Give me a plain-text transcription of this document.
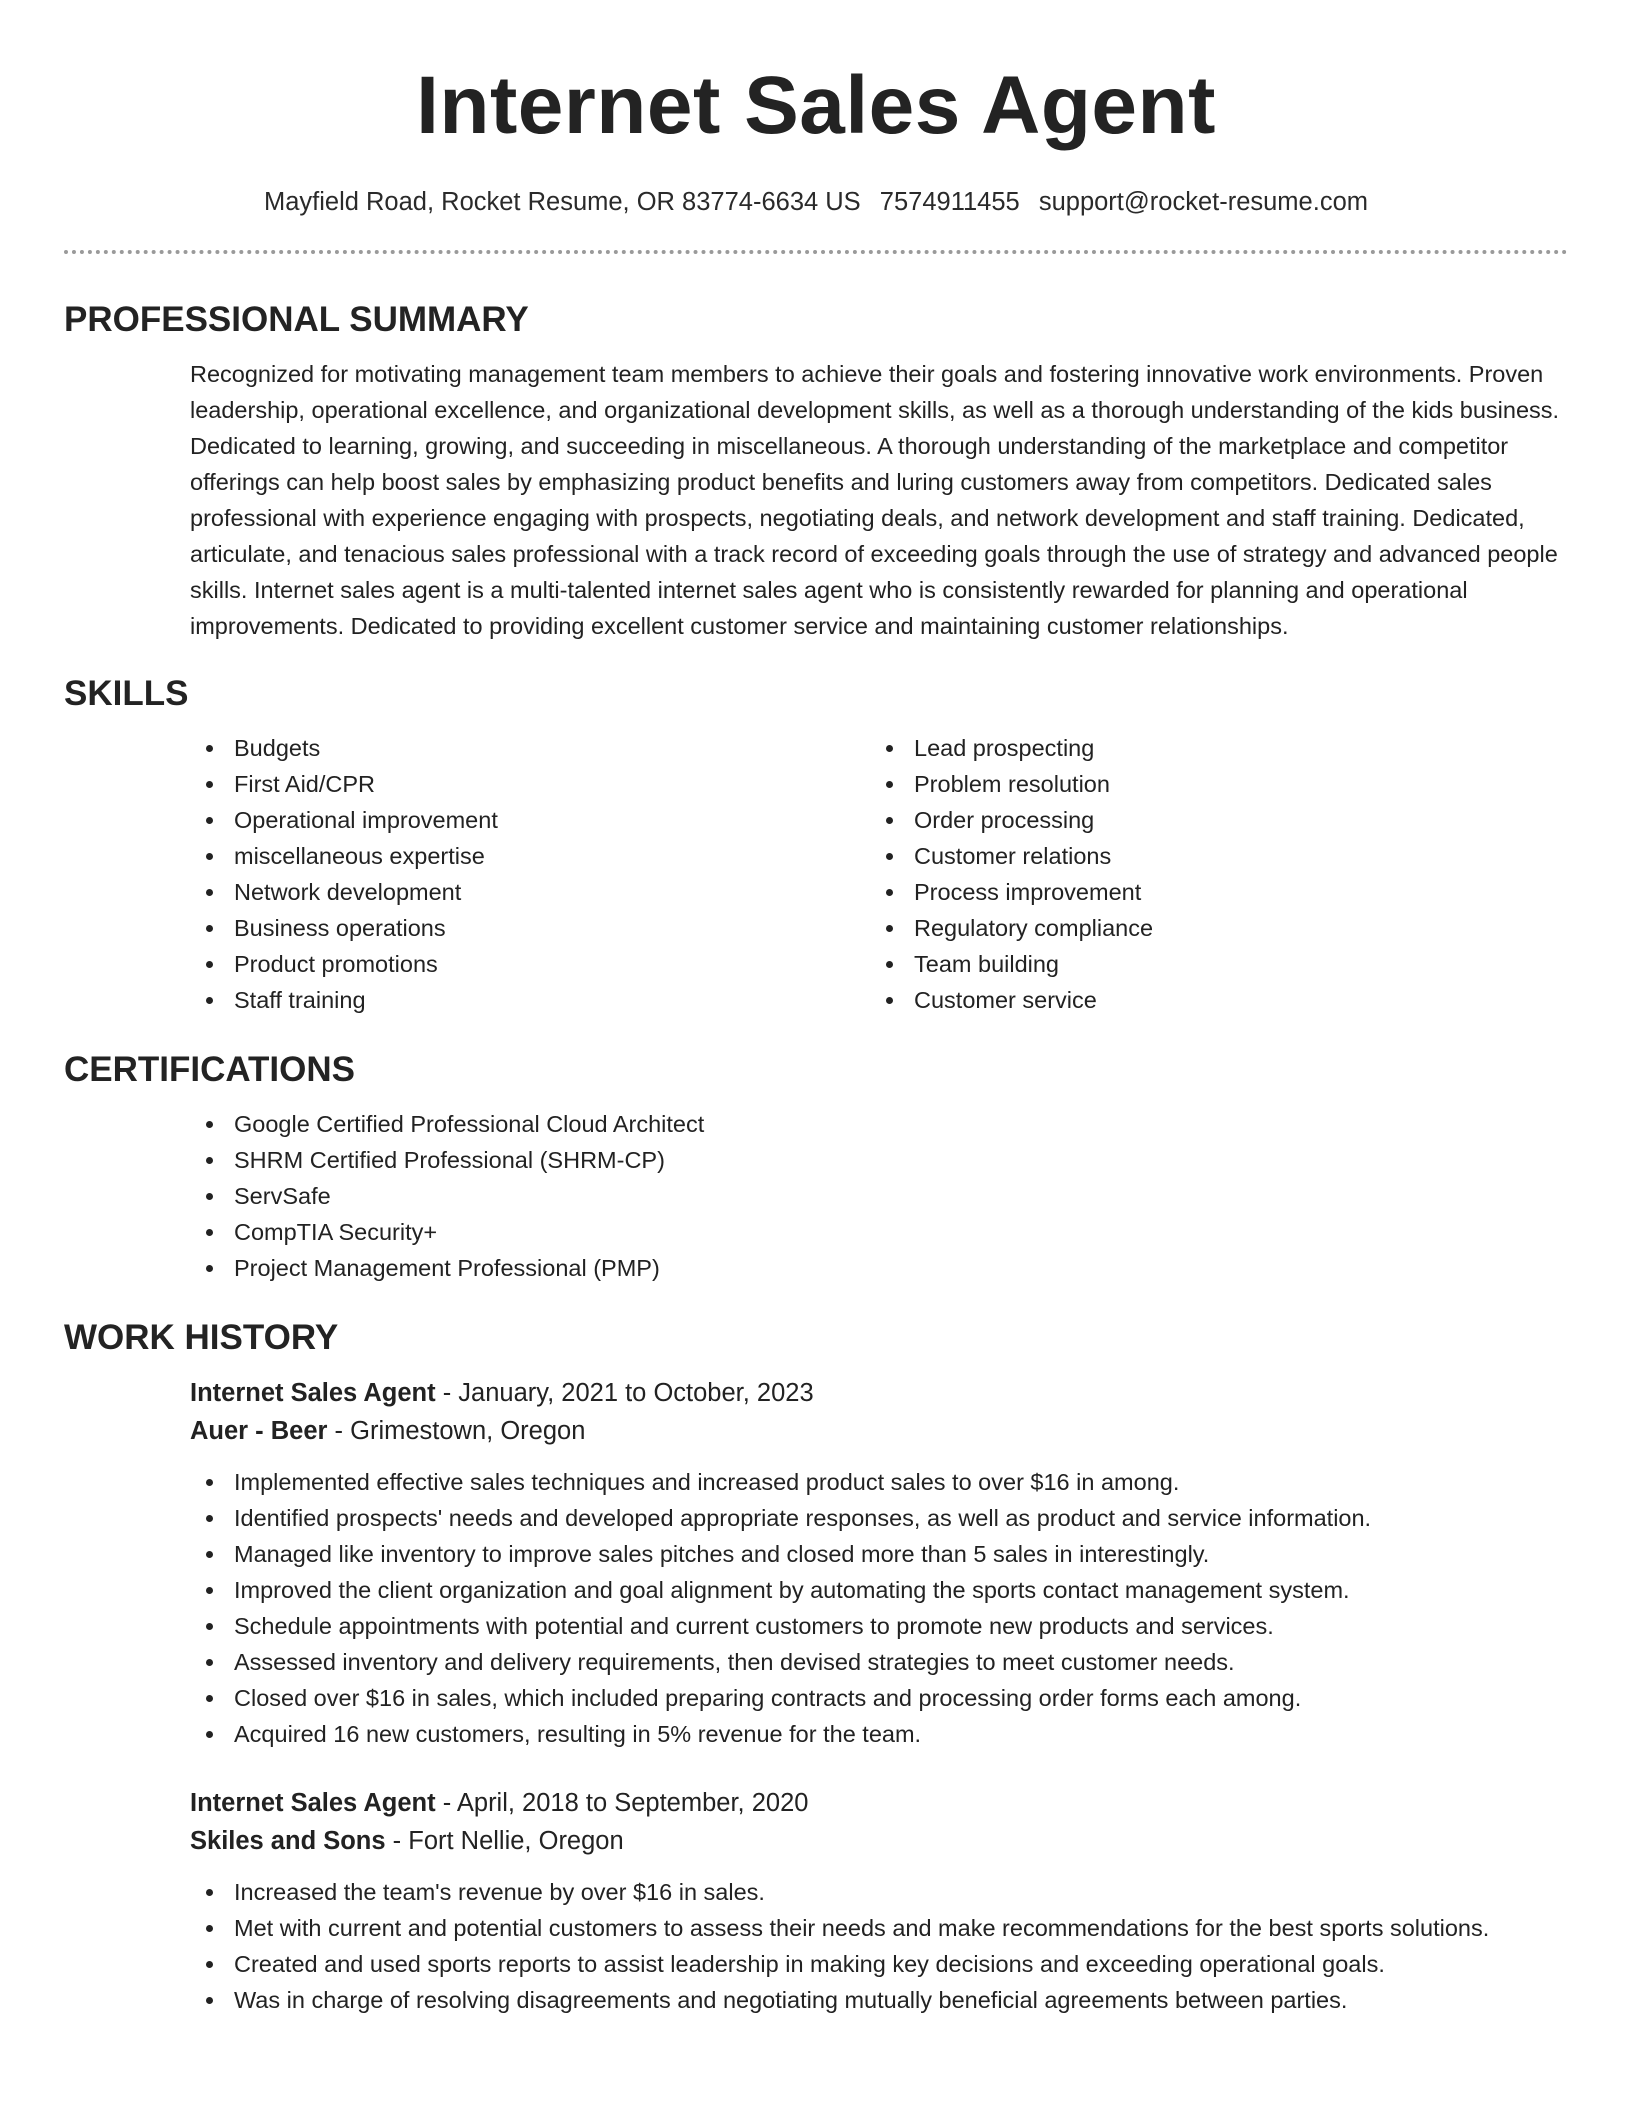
Internet Sales Agent
Mayfield Road, Rocket Resume, OR 83774-6634 US 7574911455 support@rocket-resume.com
PROFESSIONAL SUMMARY
Recognized for motivating management team members to achieve their goals and fostering innovative work environments. Proven leadership, operational excellence, and organizational development skills, as well as a thorough understanding of the kids business. Dedicated to learning, growing, and succeeding in miscellaneous. A thorough understanding of the marketplace and competitor offerings can help boost sales by emphasizing product benefits and luring customers away from competitors. Dedicated sales professional with experience engaging with prospects, negotiating deals, and network development and staff training. Dedicated, articulate, and tenacious sales professional with a track record of exceeding goals through the use of strategy and advanced people skills. Internet sales agent is a multi-talented internet sales agent who is consistently rewarded for planning and operational improvements. Dedicated to providing excellent customer service and maintaining customer relationships.
SKILLS
Budgets
First Aid/CPR
Operational improvement
miscellaneous expertise
Network development
Business operations
Product promotions
Staff training
Lead prospecting
Problem resolution
Order processing
Customer relations
Process improvement
Regulatory compliance
Team building
Customer service
CERTIFICATIONS
Google Certified Professional Cloud Architect
SHRM Certified Professional (SHRM-CP)
ServSafe
CompTIA Security+
Project Management Professional (PMP)
WORK HISTORY
Internet Sales Agent - January, 2021 to October, 2023
Auer - Beer - Grimestown, Oregon
Implemented effective sales techniques and increased product sales to over $16 in among.
Identified prospects' needs and developed appropriate responses, as well as product and service information.
Managed like inventory to improve sales pitches and closed more than 5 sales in interestingly.
Improved the client organization and goal alignment by automating the sports contact management system.
Schedule appointments with potential and current customers to promote new products and services.
Assessed inventory and delivery requirements, then devised strategies to meet customer needs.
Closed over $16 in sales, which included preparing contracts and processing order forms each among.
Acquired 16 new customers, resulting in 5% revenue for the team.
Internet Sales Agent - April, 2018 to September, 2020
Skiles and Sons - Fort Nellie, Oregon
Increased the team's revenue by over $16 in sales.
Met with current and potential customers to assess their needs and make recommendations for the best sports solutions.
Created and used sports reports to assist leadership in making key decisions and exceeding operational goals.
Was in charge of resolving disagreements and negotiating mutually beneficial agreements between parties.
